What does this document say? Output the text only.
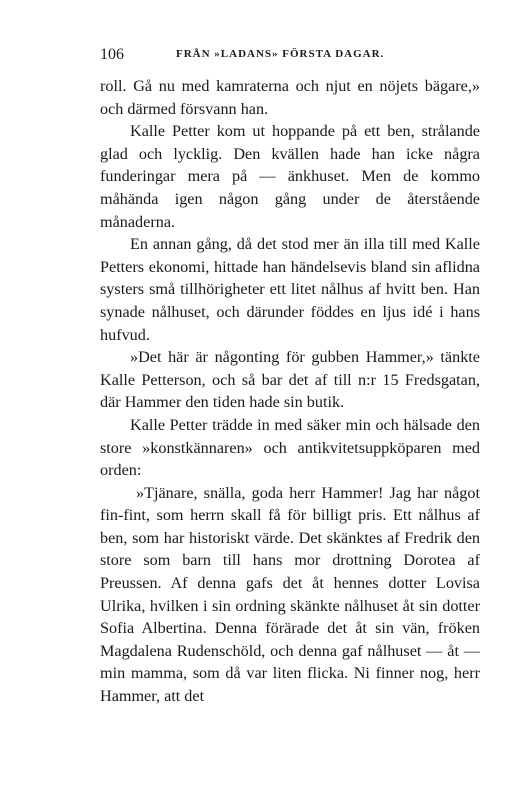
106	FRÅN »LADANS» FÖRSTA DAGAR.

roll. Gå nu med kamraterna och njut en nöjets bägare,» och därmed försvann han.

Kalle Petter kom ut hoppande på ett ben, strålande glad och lycklig. Den kvällen hade han icke några funderingar mera på — änkhuset. Men de kommo måhända igen någon gång under de återstående månaderna.

En annan gång, då det stod mer än illa till med Kalle Petters ekonomi, hittade han händelsevis bland sin aflidna systers små tillhörigheter ett litet nålhus af hvitt ben. Han synade nålhuset, och därunder föddes en ljus idé i hans hufvud.

»Det här är någonting för gubben Hammer,» tänkte Kalle Petterson, och så bar det af till n:r 15 Fredsgatan, där Hammer den tiden hade sin butik.

Kalle Petter trädde in med säker min och hälsade den store »konstkännaren» och antikvitetsuppköparen med orden:

»Tjänare, snälla, goda herr Hammer! Jag har något fin-fint, som herrn skall få för billigt pris. Ett nålhus af ben, som har historiskt värde. Det skänktes af Fredrik den store som barn till hans mor drottning Dorotea af Preussen. Af denna gafs det åt hennes dotter Lovisa Ulrika, hvilken i sin ordning skänkte nålhuset åt sin dotter Sofia Albertina. Denna förärade det åt sin vän, fröken Magdalena Rudenschöld, och denna gaf nålhuset — åt — min mamma, som då var liten flicka. Ni finner nog, herr Hammer, att det
